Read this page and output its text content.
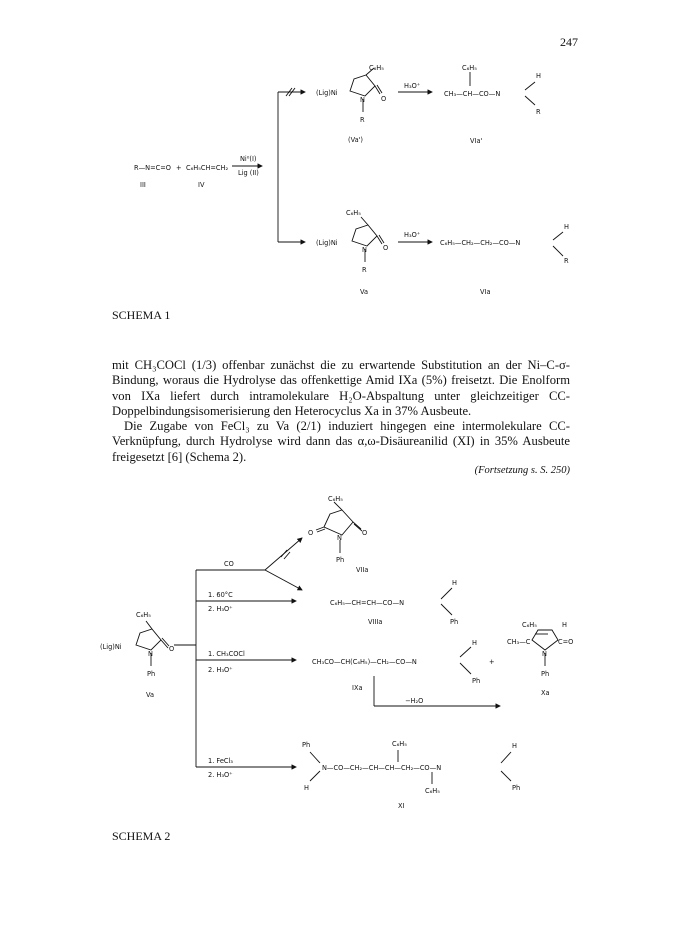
247
R—N=C=O + C₆H₅CH=CH₂
III	IV
Ni⁰(I)
Lig (II)
(Lig)Ni
C₆H₅
O
N
R
(Va')
H₃O⁺
C₆H₅
CH₃—CH—CO—N
H
R
VIa'
(Lig)Ni
C₆H₅
O
N
R
Va
H₃O⁺
C₆H₅—CH₂—CH₂—CO—N
H
R
VIa
C₆H₅
(Lig)Ni	O
N
Ph
Va
CO
C₆H₅
O	O
N
Ph
VIIa
1. 60°C
2. H₃O⁺
C₆H₅—CH=CH—CO—N
H
Ph
VIIIa
1. CH₃COCl
2. H₃O⁺
CH₃CO—CH(C₆H₅)—CH₂—CO—N
H
Ph
IXa
+
−H₂O
C₆H₅	H
CH₃—C	C=O
N
Ph
Xa
1. FeCl₃
2. H₃O⁺
Ph
H
N—CO—CH₂—CH—CH—CH₂—CO—N
C₆H₅
C₆H₅
H
Ph
XI
SCHEMA 1

mit CH₃COCl (1/3) offenbar zunächst die zu erwartende Substitution an der Ni–C-σ-Bindung, woraus die Hydrolyse das offenkettige Amid IXa (5%) freisetzt. Die Enolform von IXa liefert durch intramolekulare H₂O-Abspaltung unter gleichzeitiger CC-Doppelbindungsisomerisierung den Heterocyclus Xa in 37% Ausbeute.

Die Zugabe von FeCl₃ zu Va (2/1) induziert hingegen eine intermolekulare CC-Verknüpfung, durch Hydrolyse wird dann das α,ω-Disäureanilid (XI) in 35% Ausbeute freigesetzt [6] (Schema 2).

(Fortsetzung s. S. 250)
SCHEMA 2
